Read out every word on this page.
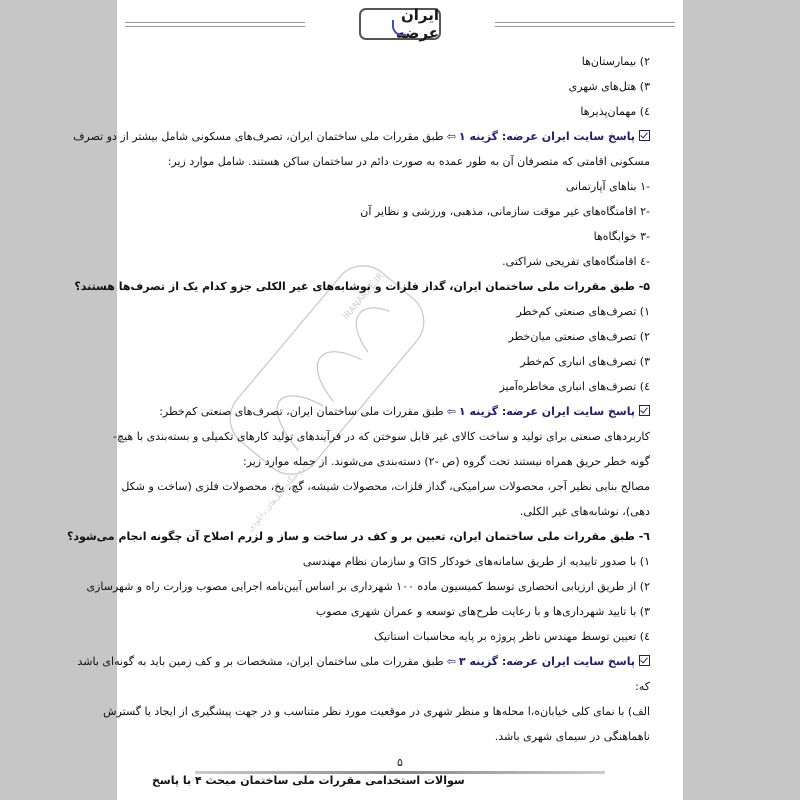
ایران عرضه
IRANARZE.IR
فروشگاه فایل‌های دانلودی
۲) بیمارستان‌ها
۳) هتل‌های شهری
٤) مهمان‌پذیرها
پاسخ سایت ایران عرضه: گزینه ۱⇦طبق مقررات ملی ساختمان ایران، تصرف‌های مسکونی شامل بیشتر از دو تصرف
مسکونی اقامتی که متصرفان آن به طور عمده به صورت دائم در ساختمان ساکن هستند. شامل موارد زیر:
-۱ بناهای آپارتمانی
-۲ اقامتگاه‌های غیر موقت سازمانی، مذهبی، ورزشی و نظایر آن
-۳ خوابگاه‌ها
-٤ اقامتگاه‌های تفریحی شراکتی.
۵- طبق مقررات ملی ساختمان ایران، گداز فلزات و نوشابه‌های غیر الکلی جزو کدام یک از تصرف‌ها هستند؟
۱) تصرف‌های صنعتی کم‌خطر
۲) تصرف‌های صنعتی میان‌خطر
۳) تصرف‌های انباری کم‌خطر
٤) تصرف‌های انباری مخاطره‌آمیز
پاسخ سایت ایران عرضه: گزینه ۱⇦طبق مقررات ملی ساختمان ایران، تصرف‌های صنعتی کم‌خطر:
کاربردهای صنعتی برای تولید و ساخت کالای غیر قابل سوختن که در فرآیندهای تولید کارهای تکمیلی و بسته‌بندی با هیچ-
گونه خطر حریق همراه نیستند تحت گروه (ص -۲) دسته‌بندی می‌شوند. از جمله موارد زیر:
مصالح بنایی نظیر آجر، محصولات سرامیکی، گداز فلزات، محصولات شیشه، گچ، یخ، محصولات فلزی (ساخت و شکل
دهی)، نوشابه‌های غیر الکلی.
٦- طبق مقررات ملی ساختمان ایران، تعیین بر و کف در ساخت و ساز و لزرم اصلاح آن چگونه انجام می‌شود؟
۱) با صدور تاییدیه از طریق سامانه‌های خودکار GIS و سازمان نظام مهندسی
۲) از طریق ارزیابی انحصاری توسط کمیسیون ماده ۱۰۰ شهرداری بر اساس آیین‌نامه اجرایی مصوب وزارت راه و شهرسازی
۳) با تایید شهرداری‌ها و با رعایت طرح‌های توسعه و عمران شهری مصوب
٤) تعیین توسط مهندس ناظر پروژه بر پایه محاسبات استاتیک
پاسخ سایت ایران عرضه: گزینه ۳⇦طبق مقررات ملی ساختمان ایران، مشخصات بر و کف زمین باید به گونه‌ای باشد
که:
الف) با نمای کلی خیابان‌ه،ا محله‌ها و منظر شهری در موقعیت مورد نظر متناسب و در جهت پیشگیری از ایجاد یا گسترش
ناهماهنگی در سیمای شهری باشد.
۵
سوالات استخدامی مقررات ملی ساختمان مبحث ۴ با پاسخ
